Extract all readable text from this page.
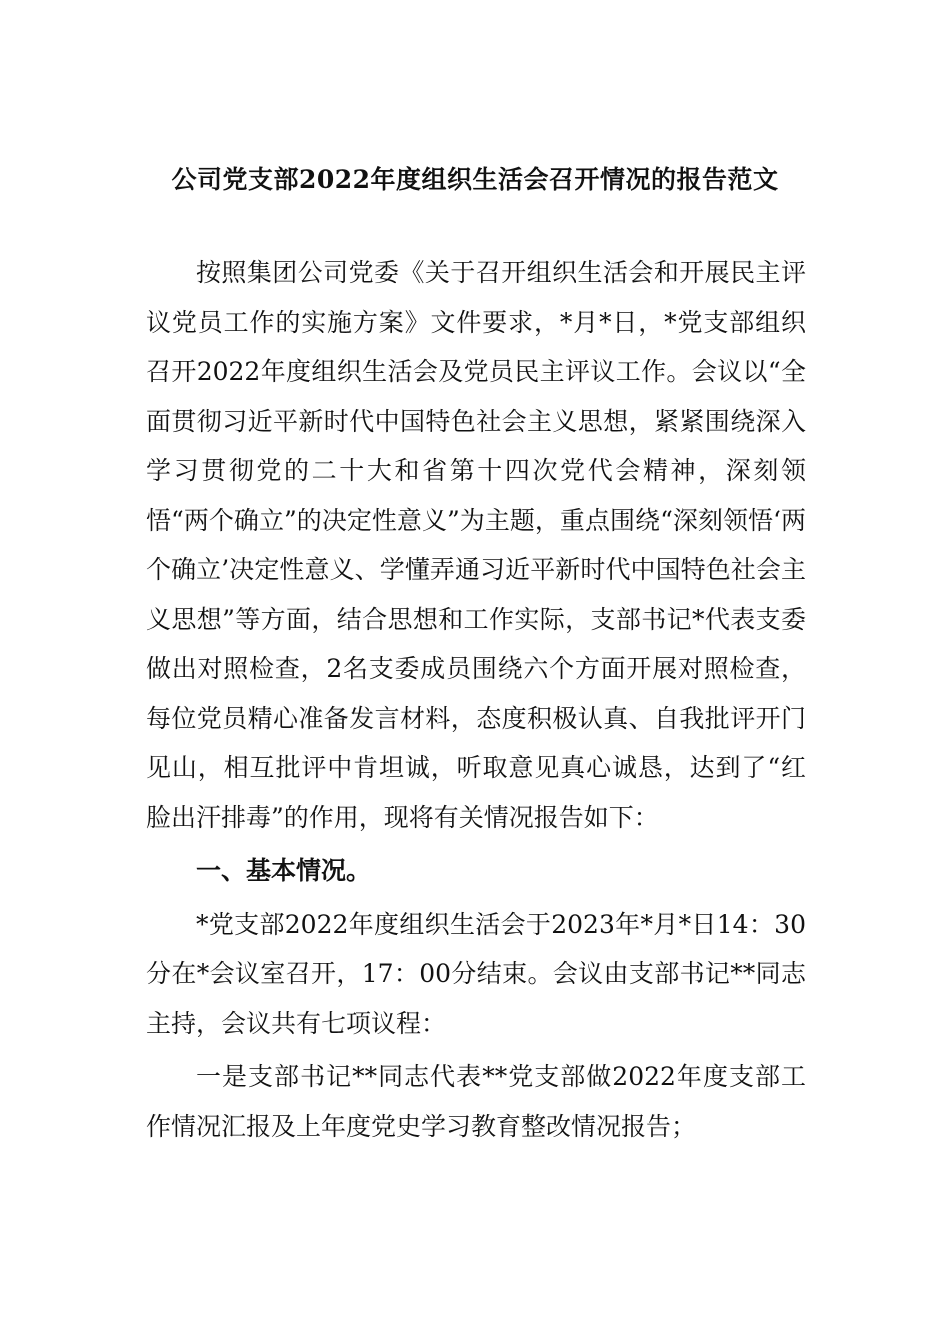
公司党支部2022年度组织生活会召开情况的报告范文

按照集团公司党委《关于召开组织生活会和开展民主评议党员工作的实施方案》文件要求，*月*日，*党支部组织召开2022年度组织生活会及党员民主评议工作。会议以“全面贯彻习近平新时代中国特色社会主义思想，紧紧围绕深入学习贯彻党的二十大和省第十四次党代会精神，深刻领悟“两个确立”的决定性意义”为主题，重点围绕“深刻领悟‘两个确立’决定性意义、学懂弄通习近平新时代中国特色社会主义思想”等方面，结合思想和工作实际，支部书记*代表支委做出对照检查，2名支委成员围绕六个方面开展对照检查，每位党员精心准备发言材料，态度积极认真、自我批评开门见山，相互批评中肯坦诚，听取意见真心诚恳，达到了“红脸出汗排毒”的作用，现将有关情况报告如下：

一、基本情况。

*党支部2022年度组织生活会于2023年*月*日14：30分在*会议室召开，17：00分结束。会议由支部书记**同志主持，会议共有七项议程：

一是支部书记**同志代表**党支部做2022年度支部工作情况汇报及上年度党史学习教育整改情况报告；
